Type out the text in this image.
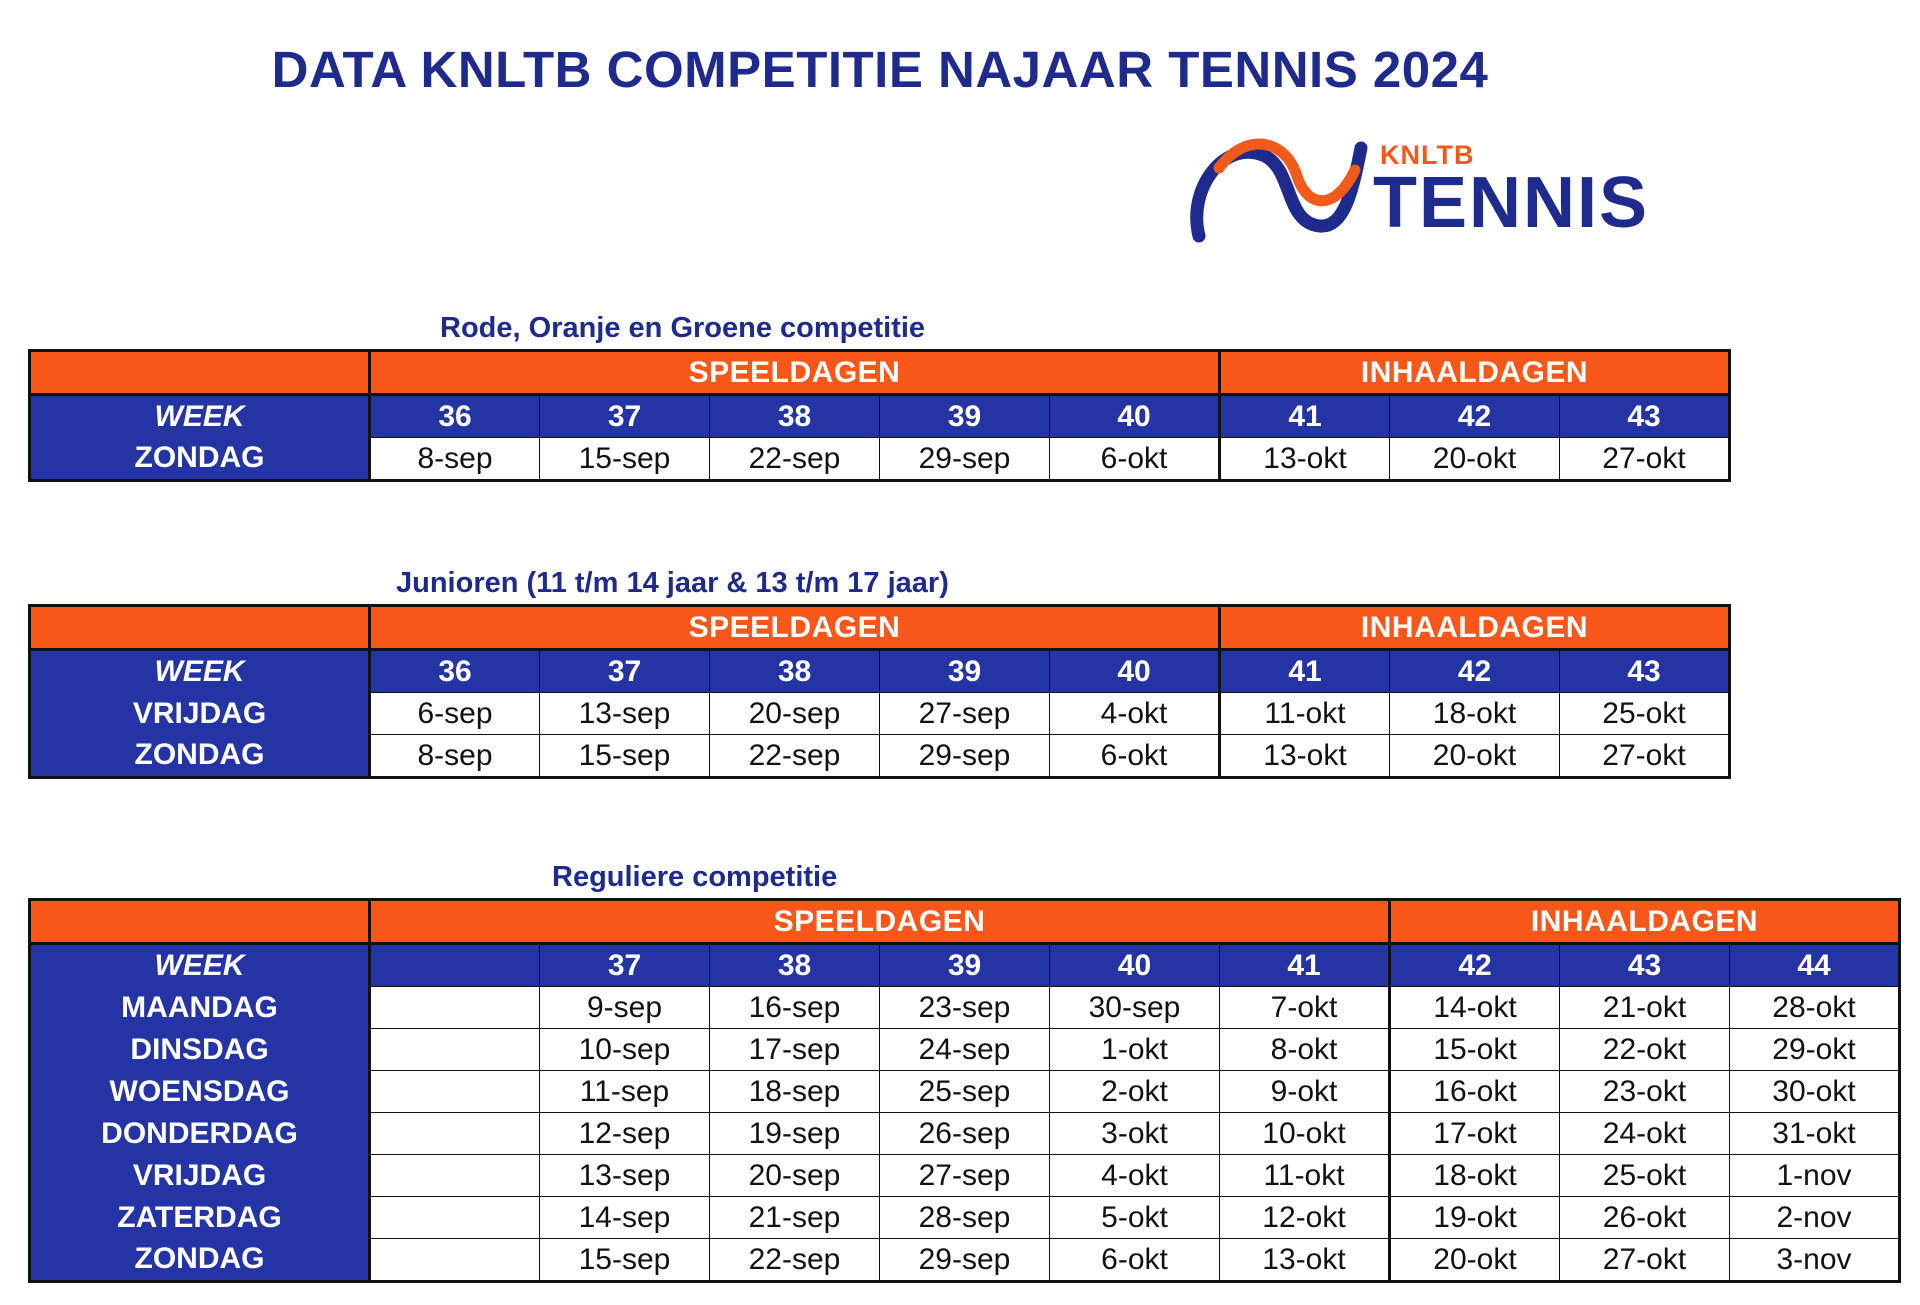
DATA KNLTB COMPETITIE NAJAAR TENNIS 2024
KNLTB
TENNIS
Rode, Oranje en Groene competitie
	SPEELDAGEN					INHAALDAGEN		
WEEK	36	37	38	39	40	41	42	43
ZONDAG	8-sep	15-sep	22-sep	29-sep	6-okt	13-okt	20-okt	27-okt
Junioren (11 t/m 14 jaar & 13 t/m 17 jaar)
	SPEELDAGEN					INHAALDAGEN		
WEEK	36	37	38	39	40	41	42	43
VRIJDAG	6-sep	13-sep	20-sep	27-sep	4-okt	11-okt	18-okt	25-okt
ZONDAG	8-sep	15-sep	22-sep	29-sep	6-okt	13-okt	20-okt	27-okt
Reguliere competitie
	SPEELDAGEN						INHAALDAGEN		
WEEK		37	38	39	40	41	42	43	44
MAANDAG		9-sep	16-sep	23-sep	30-sep	7-okt	14-okt	21-okt	28-okt
DINSDAG		10-sep	17-sep	24-sep	1-okt	8-okt	15-okt	22-okt	29-okt
WOENSDAG		11-sep	18-sep	25-sep	2-okt	9-okt	16-okt	23-okt	30-okt
DONDERDAG		12-sep	19-sep	26-sep	3-okt	10-okt	17-okt	24-okt	31-okt
VRIJDAG		13-sep	20-sep	27-sep	4-okt	11-okt	18-okt	25-okt	1-nov
ZATERDAG		14-sep	21-sep	28-sep	5-okt	12-okt	19-okt	26-okt	2-nov
ZONDAG		15-sep	22-sep	29-sep	6-okt	13-okt	20-okt	27-okt	3-nov
